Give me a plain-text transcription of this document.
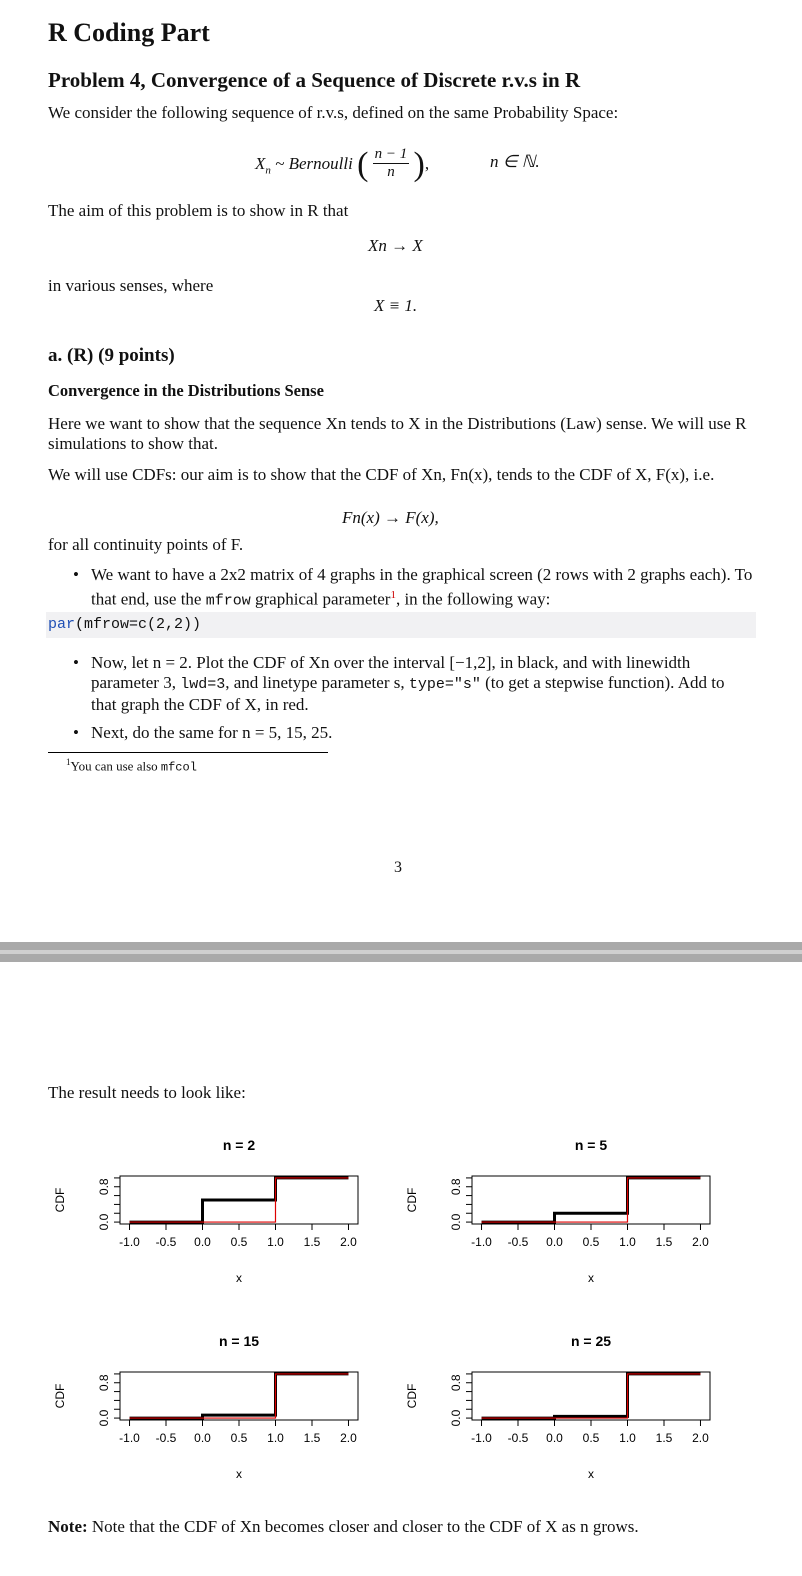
R Coding Part
Problem 4, Convergence of a Sequence of Discrete r.v.s in R
We consider the following sequence of r.v.s, defined on the same Probability Space:
$X_n$ ~ Bernoulli ( $\frac{n - 1}{n}$ ),	n ∈ ℕ.
The aim of this problem is to show in R that
Xn → X
in various senses, where
X ≡ 1.
a. (R) (9 points)
Convergence in the Distributions Sense
Here we want to show that the sequence Xn tends to X in the Distributions (Law) sense. We will use R simulations to show that.
We will use CDFs: our aim is to show that the CDF of Xn, Fn(x), tends to the CDF of X, F(x), i.e.
Fn(x) → F(x),
for all continuity points of F.
• We want to have a 2x2 matrix of 4 graphs in the graphical screen (2 rows with 2 graphs each). To that end, use the mfrow graphical parameter$^1$, in the following way:
par(mfrow=c(2,2))
• Now, let n = 2. Plot the CDF of Xn over the interval [−1,2], in black, and with linewidth parameter 3, lwd=3, and linetype parameter s, type="s" (to get a stepwise function). Add to that graph the CDF of X, in red.
• Next, do the same for n = 5, 15, 25.
$^1$You can use also mfcol
3
The result needs to look like:
n = 2
-1.0 -0.5 0.0 0.5 1.0 1.5 2.0
0.0
0.8
x
CDF
n = 5
-1.0 -0.5 0.0 0.5 1.0 1.5 2.0
0.0
0.8
x
CDF
n = 15
-1.0 -0.5 0.0 0.5 1.0 1.5 2.0
0.0
0.8
x
CDF
n = 25
-1.0 -0.5 0.0 0.5 1.0 1.5 2.0
0.0
0.8
x
CDF
Note: Note that the CDF of Xn becomes closer and closer to the CDF of X as n grows.
